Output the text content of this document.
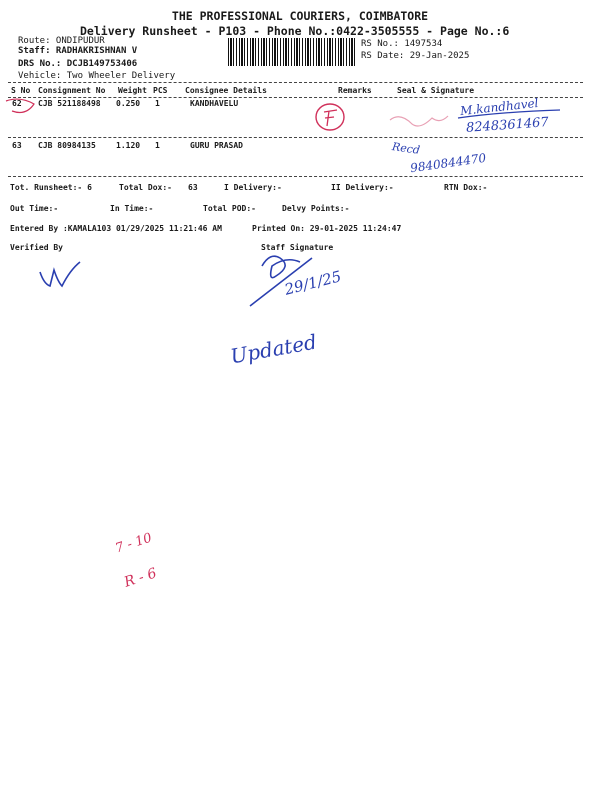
THE PROFESSIONAL COURIERS, COIMBATORE
Delivery Runsheet - P103 - Phone No.:0422-3505555 - Page No.:6
Route: ONDIPUDUR
Staff: RADHAKRISHNAN V
DRS No.: DCJB149753406
Vehicle: Two Wheeler Delivery
RS No.: 1497534
RS Date: 29-Jan-2025
S No Consignment No Weight PCS Consignee Details	Remarks	Seal & Signature
62 CJB 521188498 0.250 1	KANDHAVELU
63 CJB 80984135	1.120 1	GURU PRASAD
Tot. Runsheet:- 6	Total Dox:- 63	I Delivery:-	II Delivery:-	RTN Dox:-
Out Time:-	In Time:-	Total POD:-	Delvy Points:-
Entered By :KAMALA103 01/29/2025 11:21:46 AM	Printed On: 29-01-2025 11:24:47
Verified By	Staff Signature
M.kandhavel
8248361467
Recd
9840844470
29/1/25
Updated
7 - 10
R - 6
